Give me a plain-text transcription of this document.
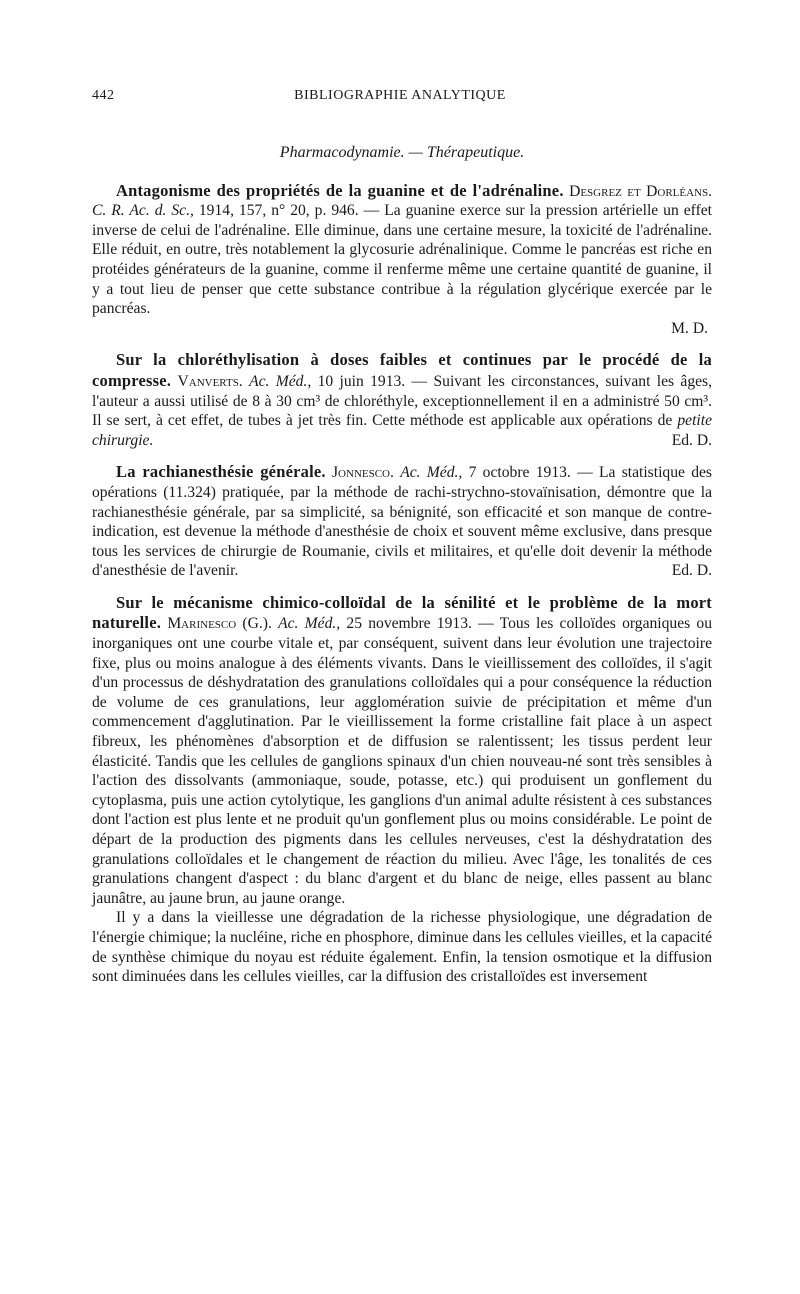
442	BIBLIOGRAPHIE ANALYTIQUE
Pharmacodynamie. — Thérapeutique.

Antagonisme des propriétés de la guanine et de l'adrénaline. Desgrez et Dorléans. C. R. Ac. d. Sc., 1914, 157, n° 20, p. 946. — La guanine exerce sur la pression artérielle un effet inverse de celui de l'adrénaline. Elle diminue, dans une certaine mesure, la toxicité de l'adrénaline. Elle réduit, en outre, très notablement la glycosurie adrénalinique. Comme le pancréas est riche en protéides générateurs de la guanine, comme il renferme même une certaine quantité de guanine, il y a tout lieu de penser que cette substance contribue à la régulation glycérique exercée par le pancréas.

M. D.

Sur la chloréthylisation à doses faibles et continues par le procédé de la compresse. Vanverts. Ac. Méd., 10 juin 1913. — Suivant les circonstances, suivant les âges, l'auteur a aussi utilisé de 8 à 30 cm³ de chloréthyle, exceptionnellement il en a administré 50 cm³. Il se sert, à cet effet, de tubes à jet très fin. Cette méthode est applicable aux opérations de petite chirurgie.	Ed. D.

La rachianesthésie générale. Jonnesco. Ac. Méd., 7 octobre 1913. — La statistique des opérations (11.324) pratiquée, par la méthode de rachi-strychno-stovaïnisation, démontre que la rachianesthésie générale, par sa simplicité, sa bénignité, son efficacité et son manque de contre-indication, est devenue la méthode d'anesthésie de choix et souvent même exclusive, dans presque tous les services de chirurgie de Roumanie, civils et militaires, et qu'elle doit devenir la méthode d'anesthésie de l'avenir.	Ed. D.

Sur le mécanisme chimico-colloïdal de la sénilité et le problème de la mort naturelle. Marinesco (G.). Ac. Méd., 25 novembre 1913. — Tous les colloïdes organiques ou inorganiques ont une courbe vitale et, par conséquent, suivent dans leur évolution une trajectoire fixe, plus ou moins analogue à des éléments vivants. Dans le vieillissement des colloïdes, il s'agit d'un processus de déshydratation des granulations colloïdales qui a pour conséquence la réduction de volume de ces granulations, leur agglomération suivie de précipitation et même d'un commencement d'agglutination. Par le vieillissement la forme cristalline fait place à un aspect fibreux, les phénomènes d'absorption et de diffusion se ralentissent; les tissus perdent leur élasticité. Tandis que les cellules de ganglions spinaux d'un chien nouveau-né sont très sensibles à l'action des dissolvants (ammoniaque, soude, potasse, etc.) qui produisent un gonflement du cytoplasma, puis une action cytolytique, les ganglions d'un animal adulte résistent à ces substances dont l'action est plus lente et ne produit qu'un gonflement plus ou moins considérable. Le point de départ de la production des pigments dans les cellules nerveuses, c'est la déshydratation des granulations colloïdales et le changement de réaction du milieu. Avec l'âge, les tonalités de ces granulations changent d'aspect : du blanc d'argent et du blanc de neige, elles passent au blanc jaunâtre, au jaune brun, au jaune orange.

Il y a dans la vieillesse une dégradation de la richesse physiologique, une dégradation de l'énergie chimique; la nucléine, riche en phosphore, diminue dans les cellules vieilles, et la capacité de synthèse chimique du noyau est réduite également. Enfin, la tension osmotique et la diffusion sont diminuées dans les cellules vieilles, car la diffusion des cristalloïdes est inversement
